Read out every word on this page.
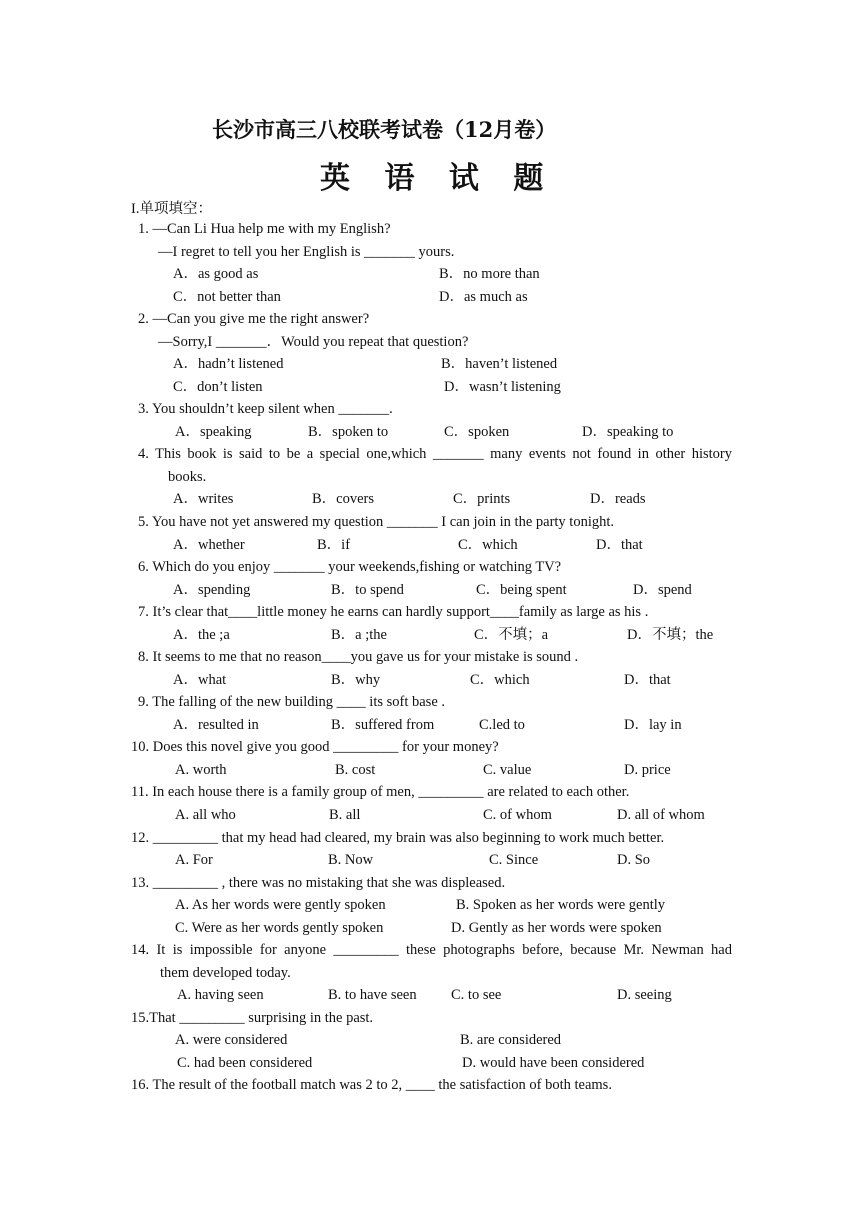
长沙市高三八校联考试卷（12月卷）
英 语 试 题
I.单项填空：
1. —Can Li Hua help me with my English?
—I regret to tell you her English is _______ yours.
A．as good as	B．no more than
C．not better than	D．as much as
2. —Can you give me the right answer?
—Sorry,I _______．Would you repeat that question?
A．hadn’t listened	B．haven’t listened
C．don’t listen	D．wasn’t listening
3. You shouldn’t keep silent when _______.
A．speaking	B．spoken to	C．spoken	D．speaking to
4. This book is said to be a special one,which _______ many events not found in other history
books.
A．writes	B．covers	C．prints	D．reads
5. You have not yet answered my question _______ I can join in the party tonight.
A．whether	B．if	C．which	D．that
6. Which do you enjoy _______ your weekends,fishing or watching TV?
A．spending	B．to spend	C．being spent	D．spend
7. It’s clear that____little money he earns can hardly support____family as large as his .
A．the ;a	B．a ;the	C．不填；a	D．不填；the
8. It seems to me that no reason____you gave us for your mistake is sound .
A．what	B．why	C．which	D．that
9. The falling of the new building ____ its soft base .
A．resulted in	B．suffered from	C.led to	D．lay in
10. Does this novel give you good _________ for your money?
A. worth	B. cost	C. value	D. price
11. In each house there is a family group of men, _________ are related to each other.
A. all who	B. all	C. of whom	D. all of whom
12. _________ that my head had cleared, my brain was also beginning to work much better.
A. For	B. Now	C. Since	D. So
13. _________ , there was no mistaking that she was displeased.
A. As her words were gently spoken	B. Spoken as her words were gently
C. Were as her words gently spoken	D. Gently as her words were spoken
14. It is impossible for anyone _________ these photographs before, because Mr. Newman had
them developed today.
A. having seen	B. to have seen C. to see	D. seeing
15.That _________ surprising in the past.
A. were considered	B. are considered
C. had been considered	D. would have been considered
16. The result of the football match was 2 to 2, ____ the satisfaction of both teams.
